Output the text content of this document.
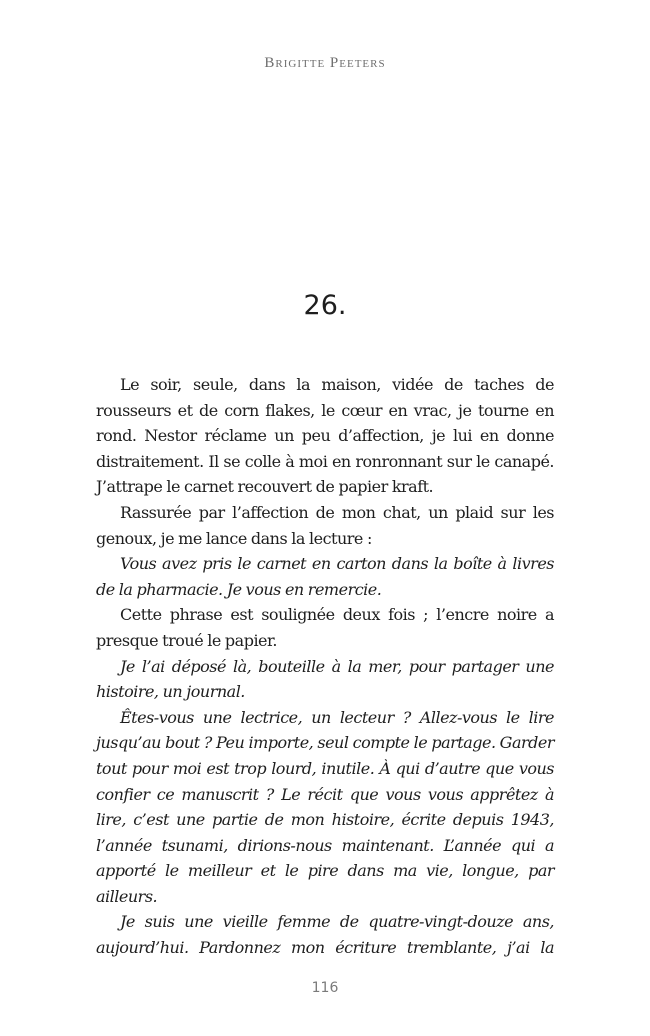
Brigitte Peeters
26.

Le soir, seule, dans la maison, vidée de taches de rousseurs et de corn flakes, le cœur en vrac, je tourne en rond. Nestor réclame un peu d’affection, je lui en donne distraitement. Il se colle à moi en ronronnant sur le canapé. J’attrape le carnet recouvert de papier kraft.

Rassurée par l’affection de mon chat, un plaid sur les genoux, je me lance dans la lecture :

Vous avez pris le carnet en carton dans la boîte à livres de la pharmacie. Je vous en remercie.

Cette phrase est soulignée deux fois ; l’encre noire a presque troué le papier.

Je l’ai déposé là, bouteille à la mer, pour partager une histoire, un journal.

Êtes-vous une lectrice, un lecteur ? Allez-vous le lire jusqu’au bout ? Peu importe, seul compte le partage. Garder tout pour moi est trop lourd, inutile. À qui d’autre que vous confier ce manuscrit ? Le récit que vous vous apprêtez à lire, c’est une partie de mon histoire, écrite depuis 1943, l’année tsunami, dirions-nous maintenant. L’année qui a apporté le meilleur et le pire dans ma vie, longue, par ailleurs.

Je suis une vieille femme de quatre-vingt-douze ans, aujourd’hui. Pardonnez mon écriture tremblante, j’ai la

116
